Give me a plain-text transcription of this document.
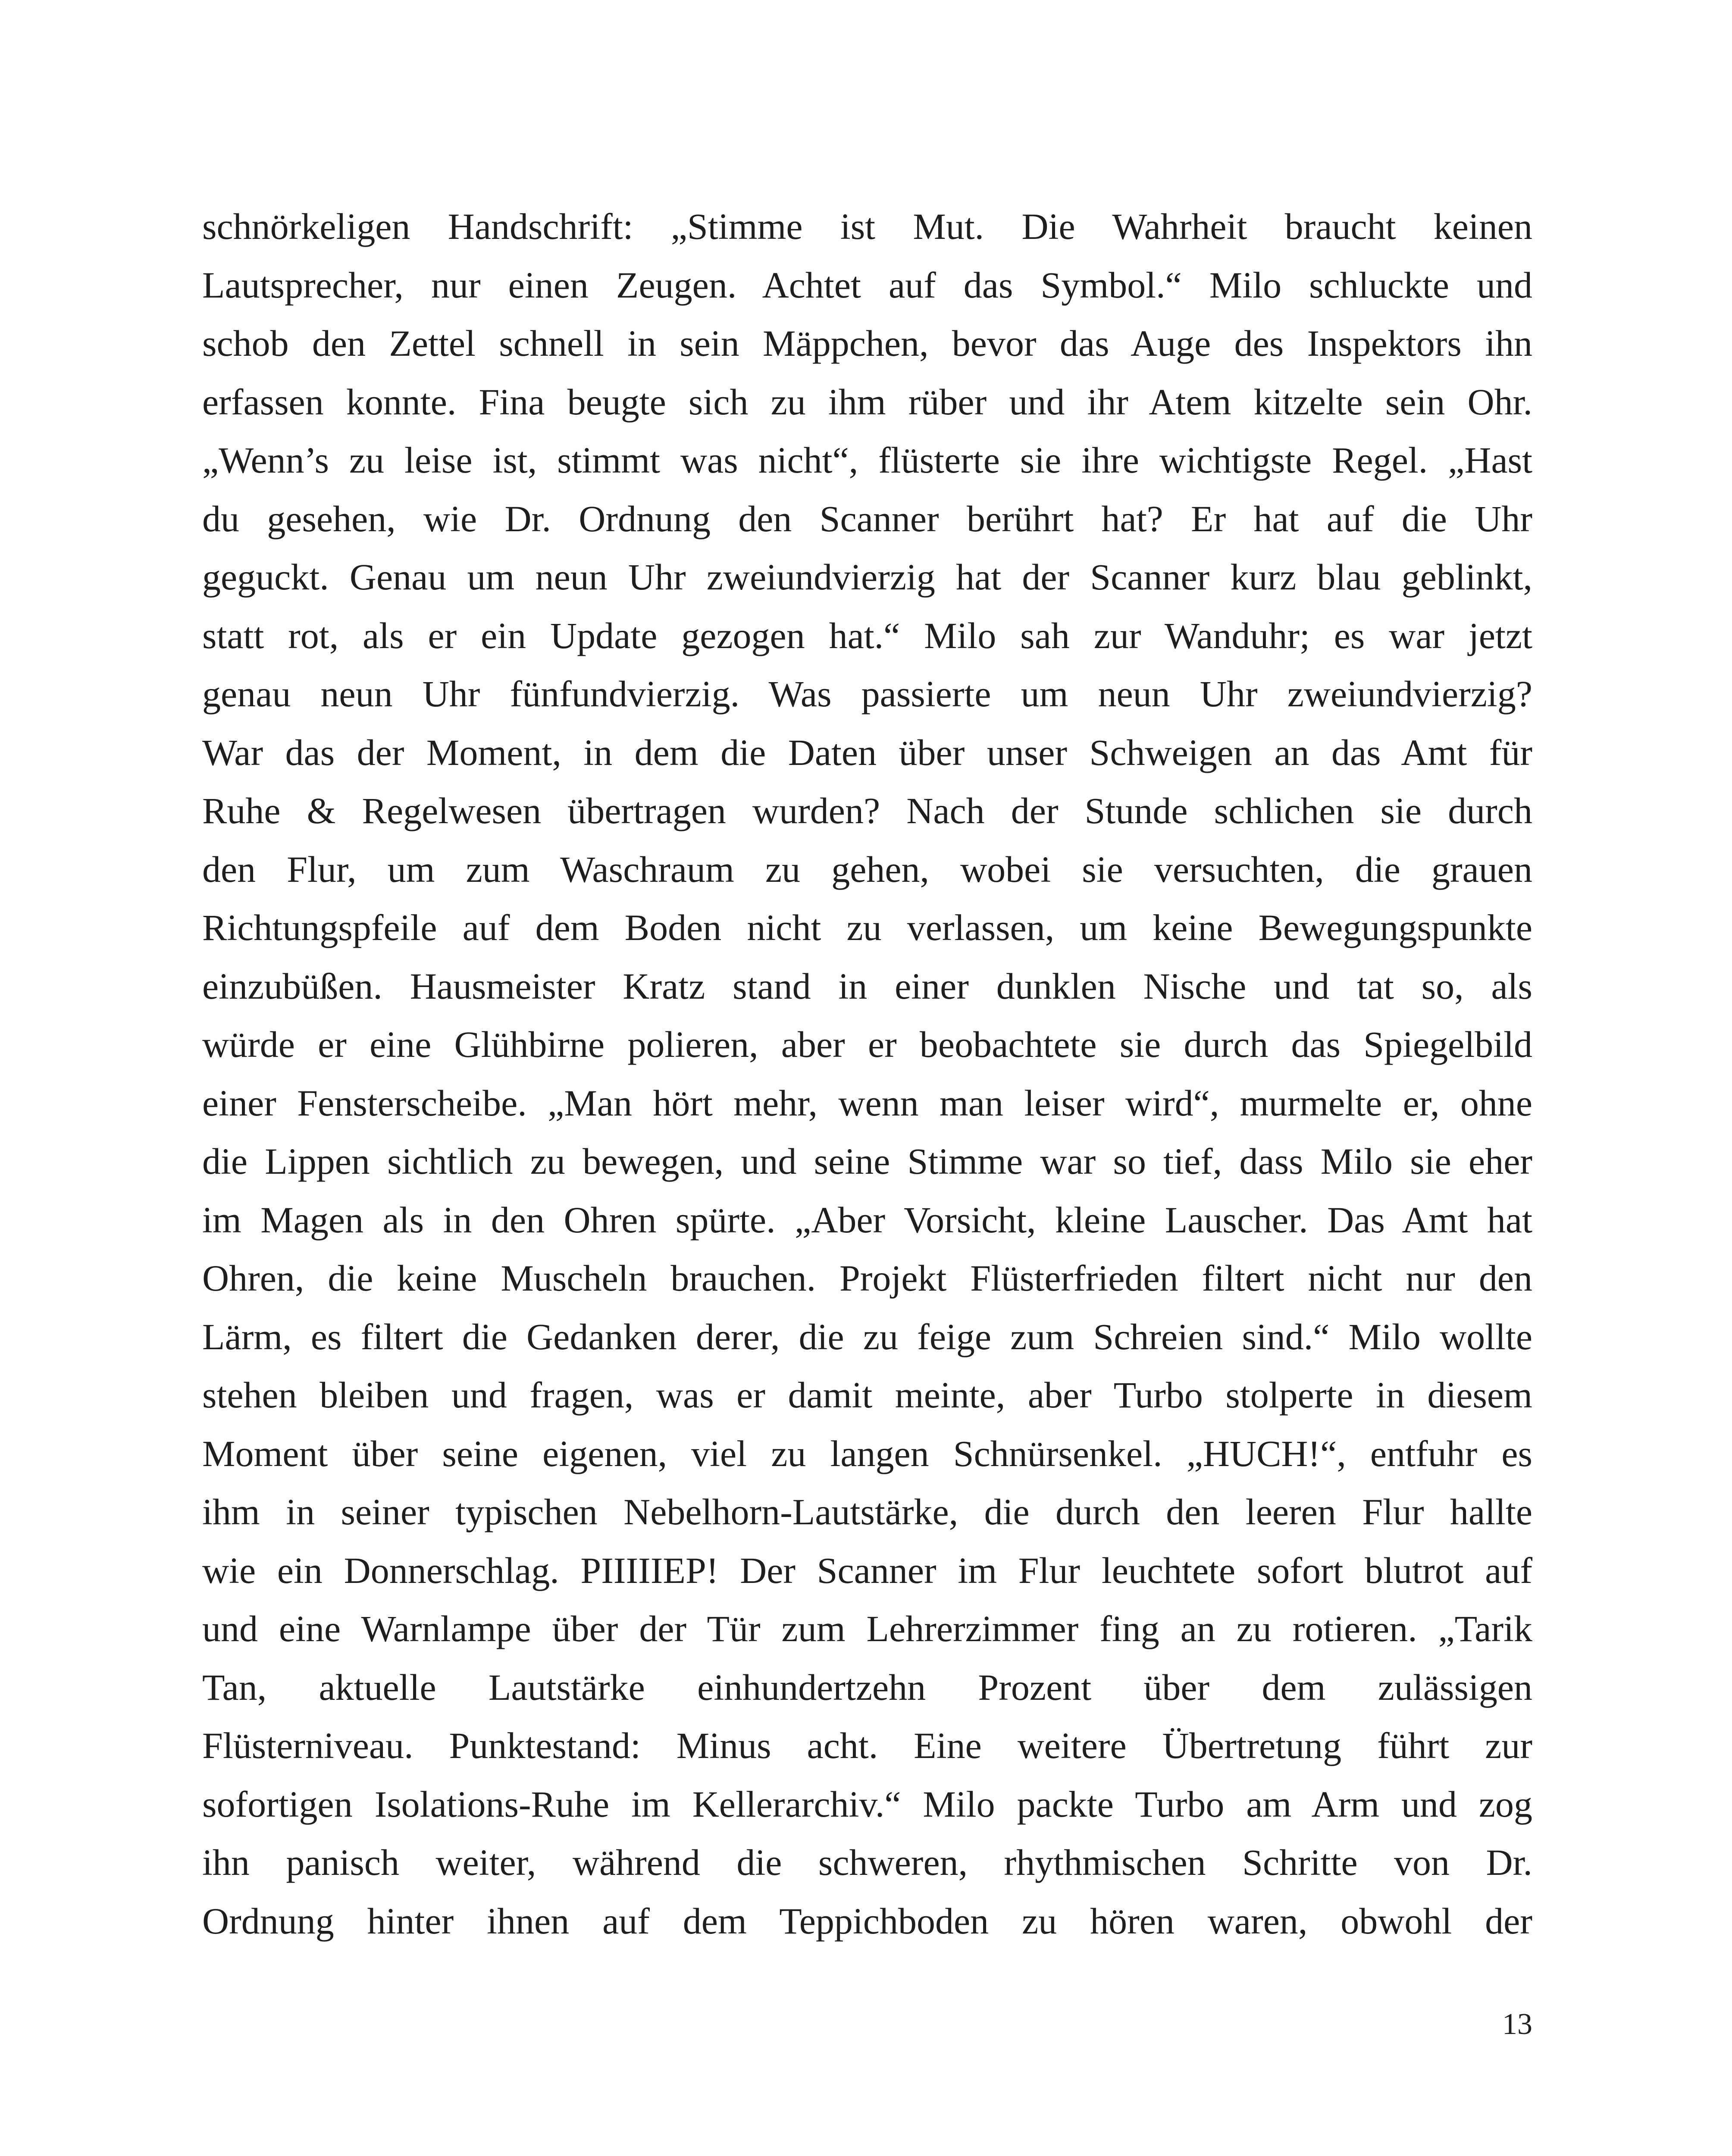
schnörkeligen Handschrift: „Stimme ist Mut. Die Wahrheit braucht keinen
Lautsprecher, nur einen Zeugen. Achtet auf das Symbol.“ Milo schluckte und
schob den Zettel schnell in sein Mäppchen, bevor das Auge des Inspektors ihn
erfassen konnte. Fina beugte sich zu ihm rüber und ihr Atem kitzelte sein Ohr.
„Wenn’s zu leise ist, stimmt was nicht“, flüsterte sie ihre wichtigste Regel. „Hast
du gesehen, wie Dr. Ordnung den Scanner berührt hat? Er hat auf die Uhr
geguckt. Genau um neun Uhr zweiundvierzig hat der Scanner kurz blau geblinkt,
statt rot, als er ein Update gezogen hat.“ Milo sah zur Wanduhr; es war jetzt
genau neun Uhr fünfundvierzig. Was passierte um neun Uhr zweiundvierzig?
War das der Moment, in dem die Daten über unser Schweigen an das Amt für
Ruhe & Regelwesen übertragen wurden? Nach der Stunde schlichen sie durch
den Flur, um zum Waschraum zu gehen, wobei sie versuchten, die grauen
Richtungspfeile auf dem Boden nicht zu verlassen, um keine Bewegungspunkte
einzubüßen. Hausmeister Kratz stand in einer dunklen Nische und tat so, als
würde er eine Glühbirne polieren, aber er beobachtete sie durch das Spiegelbild
einer Fensterscheibe. „Man hört mehr, wenn man leiser wird“, murmelte er, ohne
die Lippen sichtlich zu bewegen, und seine Stimme war so tief, dass Milo sie eher
im Magen als in den Ohren spürte. „Aber Vorsicht, kleine Lauscher. Das Amt hat
Ohren, die keine Muscheln brauchen. Projekt Flüsterfrieden filtert nicht nur den
Lärm, es filtert die Gedanken derer, die zu feige zum Schreien sind.“ Milo wollte
stehen bleiben und fragen, was er damit meinte, aber Turbo stolperte in diesem
Moment über seine eigenen, viel zu langen Schnürsenkel. „HUCH!“, entfuhr es
ihm in seiner typischen Nebelhorn-Lautstärke, die durch den leeren Flur hallte
wie ein Donnerschlag. PIIIIIEP! Der Scanner im Flur leuchtete sofort blutrot auf
und eine Warnlampe über der Tür zum Lehrerzimmer fing an zu rotieren. „Tarik
Tan, aktuelle Lautstärke einhundertzehn Prozent über dem zulässigen
Flüsterniveau. Punktestand: Minus acht. Eine weitere Übertretung führt zur
sofortigen Isolations-Ruhe im Kellerarchiv.“ Milo packte Turbo am Arm und zog
ihn panisch weiter, während die schweren, rhythmischen Schritte von Dr.
Ordnung hinter ihnen auf dem Teppichboden zu hören waren, obwohl der
13
